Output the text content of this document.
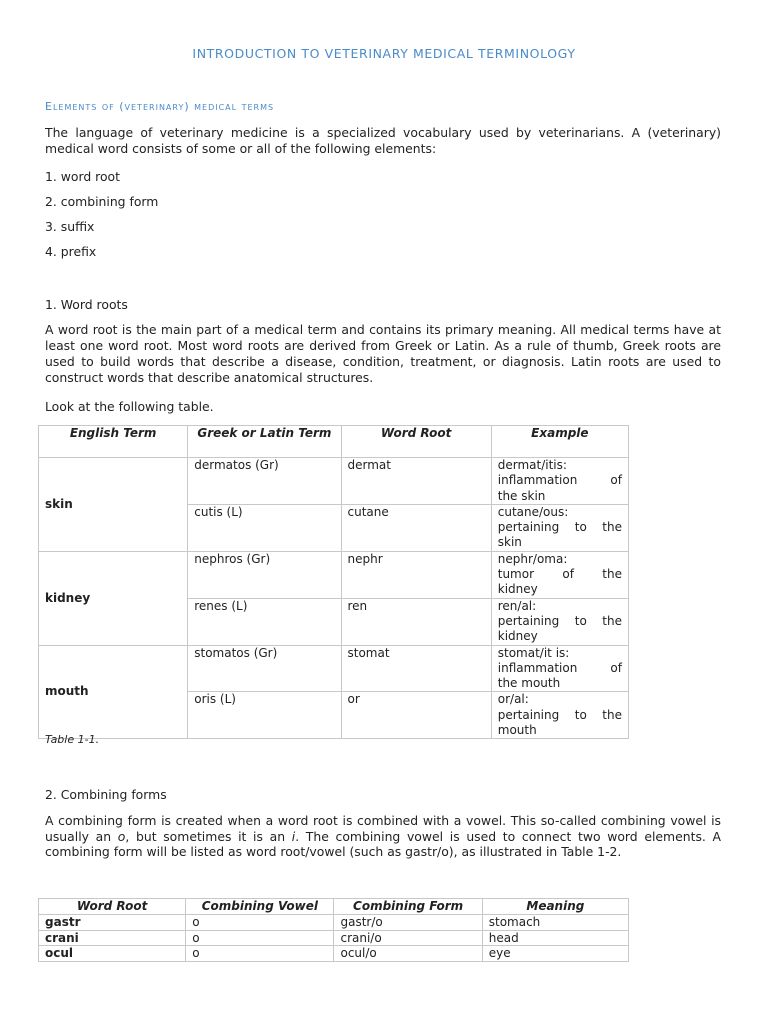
INTRODUCTION TO VETERINARY MEDICAL TERMINOLOGY
Elements of (veterinary) medical terms
The language of veterinary medicine is a specialized vocabulary used by veterinarians. A (veterinary) medical word consists of some or all of the following elements:
1. word root
2. combining form
3. suffix
4. prefix
1. Word roots
A word root is the main part of a medical term and contains its primary meaning. All medical terms have at least one word root. Most word roots are derived from Greek or Latin. As a rule of thumb, Greek roots are used to build words that describe a disease, condition, treatment, or diagnosis. Latin roots are used to construct words that describe anatomical structures.
Look at the following table.
English Term	Greek or Latin Term	Word Root	Example
skin	dermatos (Gr)	dermat	dermat/itis:
inflammation of
the skin

	cutis (L)	cutane	cutane/ous:
pertaining to the
skin

kidney	nephros (Gr)	nephr	nephr/oma:
tumor of the
kidney

	renes (L)	ren	ren/al:
pertaining to the
kidney

mouth	stomatos (Gr)	stomat	stomat/it is:
inflammation of
the mouth

	oris (L)	or	or/al:
pertaining to the
mouth
Table 1-1.
2. Combining forms
A combining form is created when a word root is combined with a vowel. This so-called combining vowel is
usually an o, but sometimes it is an i. The combining vowel is used to connect two word elements. A
combining form will be listed as word root/vowel (such as gastr/o), as illustrated in Table 1-2.
Word Root	Combining Vowel	Combining Form	Meaning
gastr	o	gastr/o	stomach
crani	o	crani/o	head
ocul	o	ocul/o	eye
